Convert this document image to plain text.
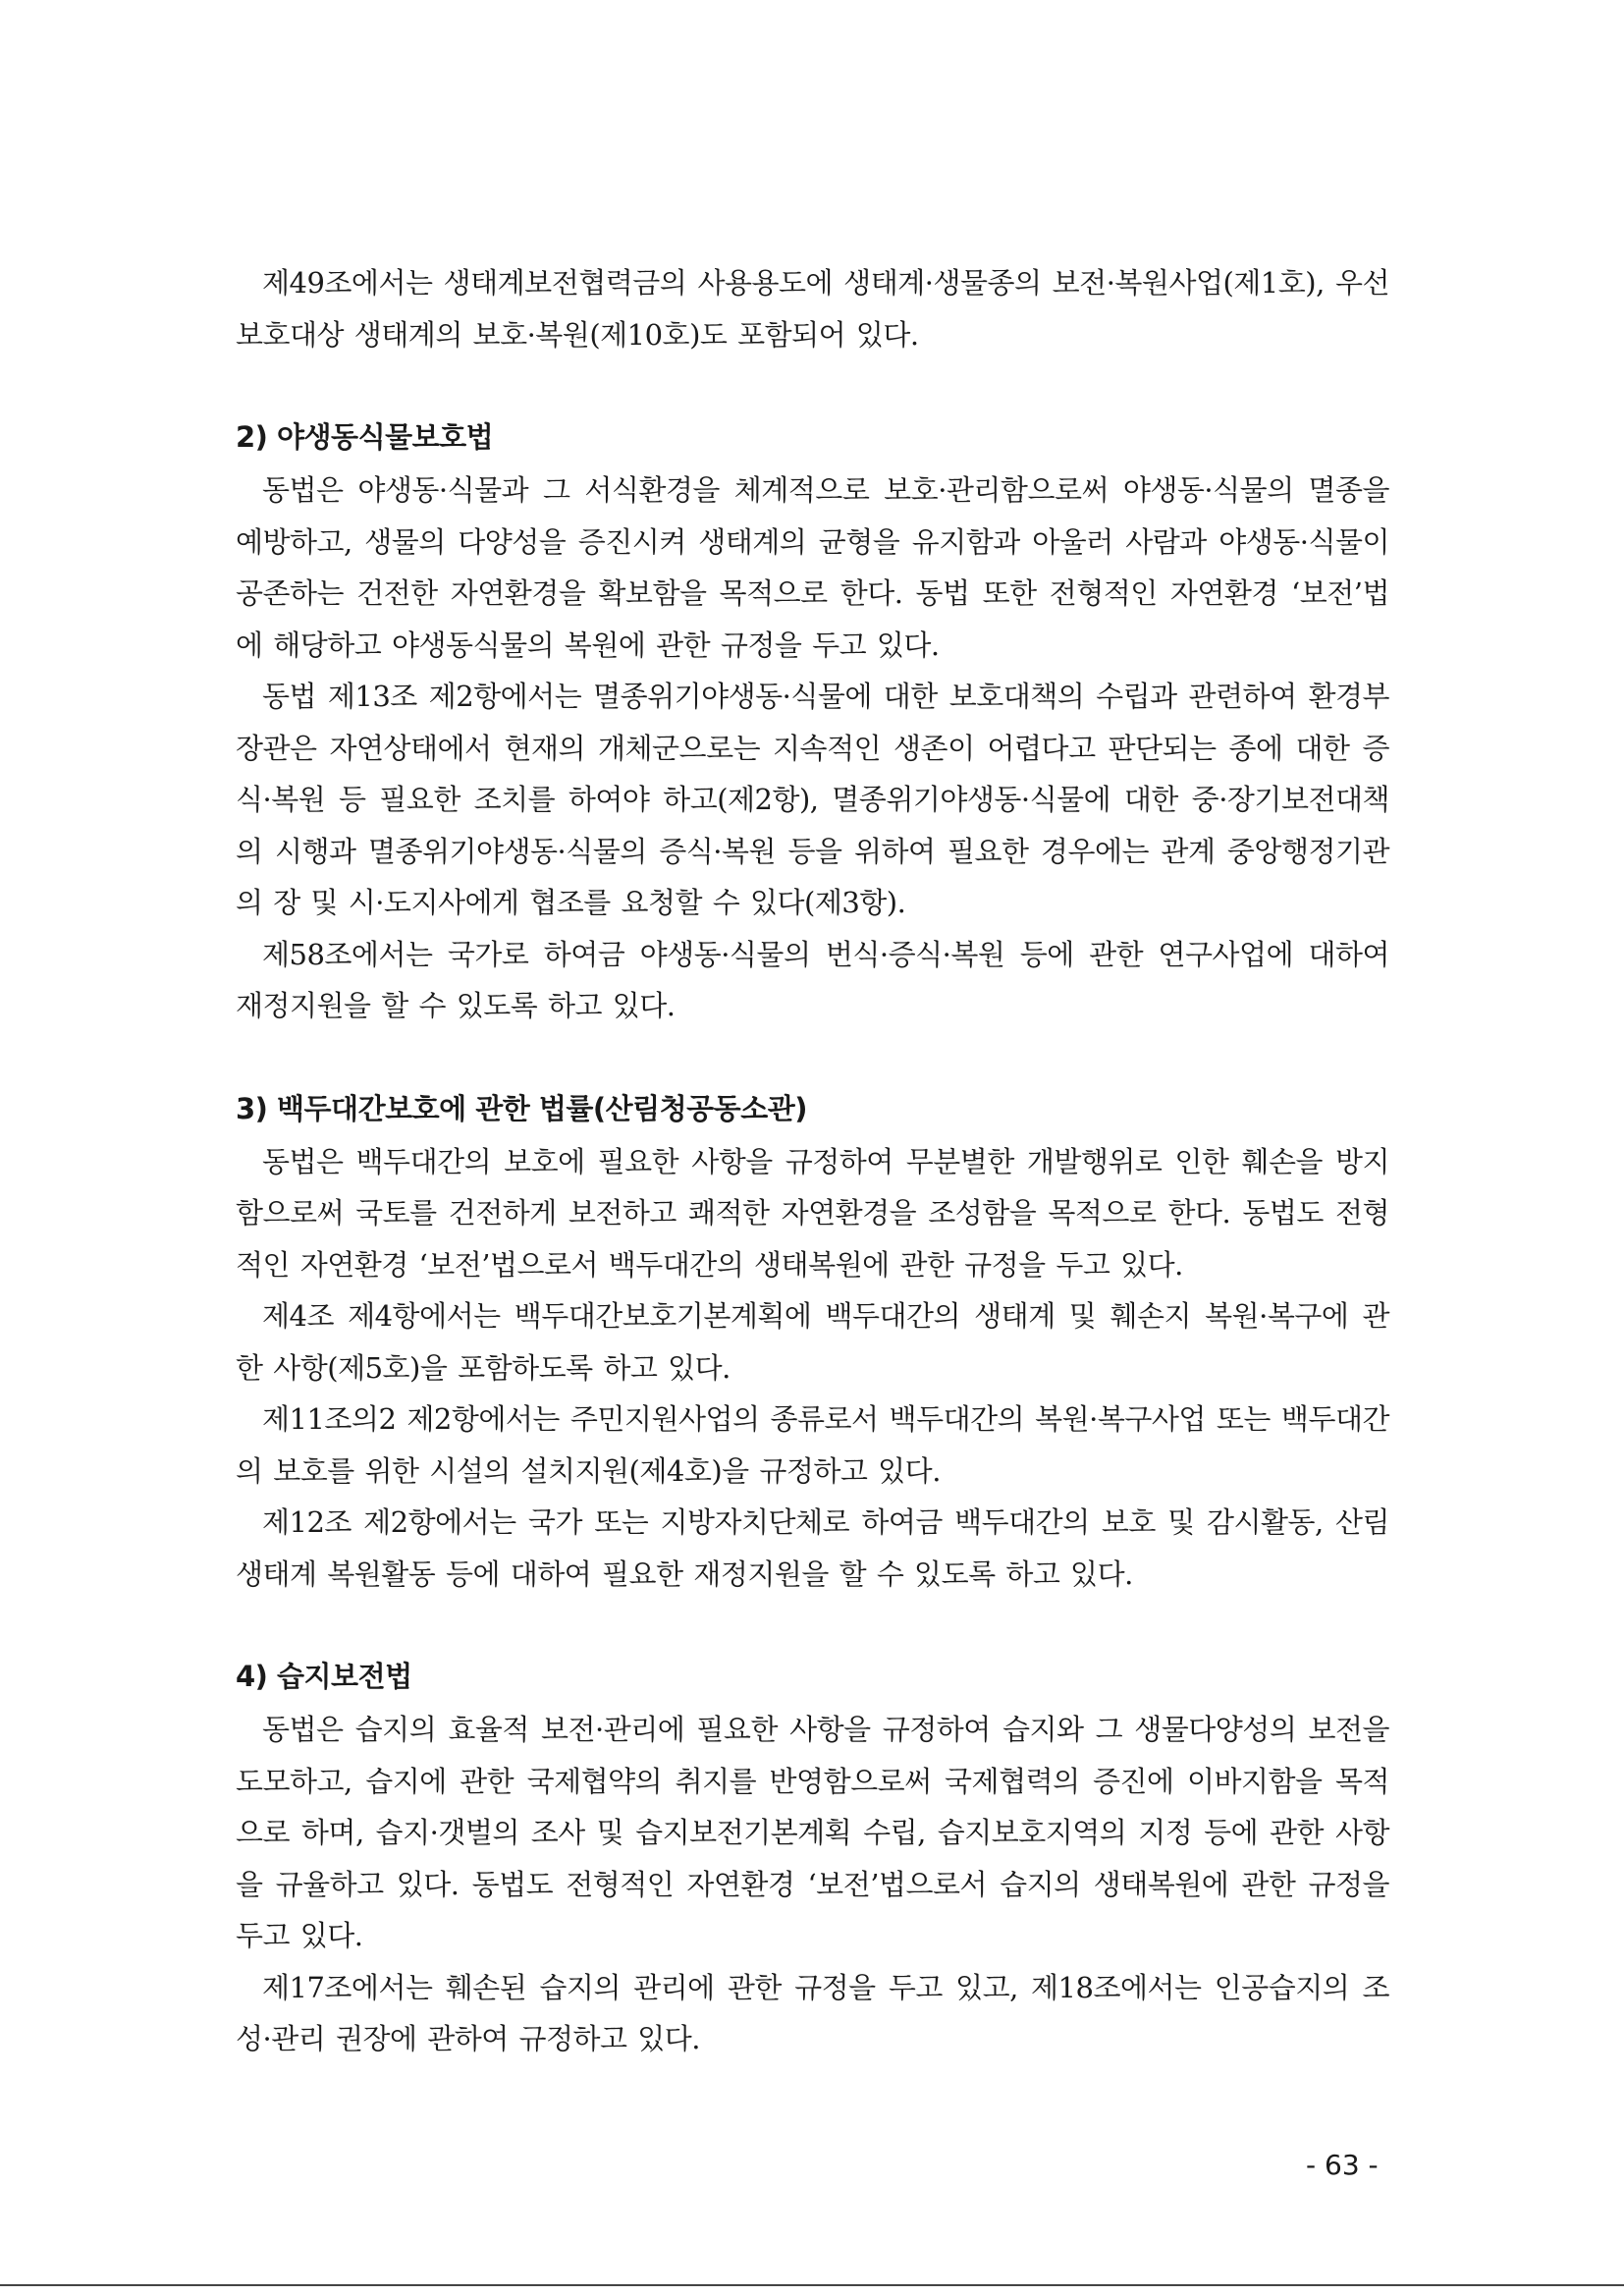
제49조에서는 생태계보전협력금의 사용용도에 생태계·생물종의 보전·복원사업(제1호), 우선보호대상 생태계의 보호·복원(제10호)도 포함되어 있다.

2) 야생동식물보호법

동법은 야생동·식물과 그 서식환경을 체계적으로 보호·관리함으로써 야생동·식물의 멸종을 예방하고, 생물의 다양성을 증진시켜 생태계의 균형을 유지함과 아울러 사람과 야생동·식물이 공존하는 건전한 자연환경을 확보함을 목적으로 한다. 동법 또한 전형적인 자연환경 ‘보전’법에 해당하고 야생동식물의 복원에 관한 규정을 두고 있다.

동법 제13조 제2항에서는 멸종위기야생동·식물에 대한 보호대책의 수립과 관련하여 환경부장관은 자연상태에서 현재의 개체군으로는 지속적인 생존이 어렵다고 판단되는 종에 대한 증식·복원 등 필요한 조치를 하여야 하고(제2항), 멸종위기야생동·식물에 대한 중·장기보전대책의 시행과 멸종위기야생동·식물의 증식·복원 등을 위하여 필요한 경우에는 관계 중앙행정기관의 장 및 시·도지사에게 협조를 요청할 수 있다(제3항).

제58조에서는 국가로 하여금 야생동·식물의 번식·증식·복원 등에 관한 연구사업에 대하여 재정지원을 할 수 있도록 하고 있다.

3) 백두대간보호에 관한 법률(산림청공동소관)

동법은 백두대간의 보호에 필요한 사항을 규정하여 무분별한 개발행위로 인한 훼손을 방지함으로써 국토를 건전하게 보전하고 쾌적한 자연환경을 조성함을 목적으로 한다. 동법도 전형적인 자연환경 ‘보전’법으로서 백두대간의 생태복원에 관한 규정을 두고 있다.

제4조 제4항에서는 백두대간보호기본계획에 백두대간의 생태계 및 훼손지 복원·복구에 관한 사항(제5호)을 포함하도록 하고 있다.

제11조의2 제2항에서는 주민지원사업의 종류로서 백두대간의 복원·복구사업 또는 백두대간의 보호를 위한 시설의 설치지원(제4호)을 규정하고 있다.

제12조 제2항에서는 국가 또는 지방자치단체로 하여금 백두대간의 보호 및 감시활동, 산림생태계 복원활동 등에 대하여 필요한 재정지원을 할 수 있도록 하고 있다.

4) 습지보전법

동법은 습지의 효율적 보전·관리에 필요한 사항을 규정하여 습지와 그 생물다양성의 보전을 도모하고, 습지에 관한 국제협약의 취지를 반영함으로써 국제협력의 증진에 이바지함을 목적으로 하며, 습지·갯벌의 조사 및 습지보전기본계획 수립, 습지보호지역의 지정 등에 관한 사항을 규율하고 있다. 동법도 전형적인 자연환경 ‘보전’법으로서 습지의 생태복원에 관한 규정을 두고 있다.

제17조에서는 훼손된 습지의 관리에 관한 규정을 두고 있고, 제18조에서는 인공습지의 조성·관리 권장에 관하여 규정하고 있다.

- 63 -
